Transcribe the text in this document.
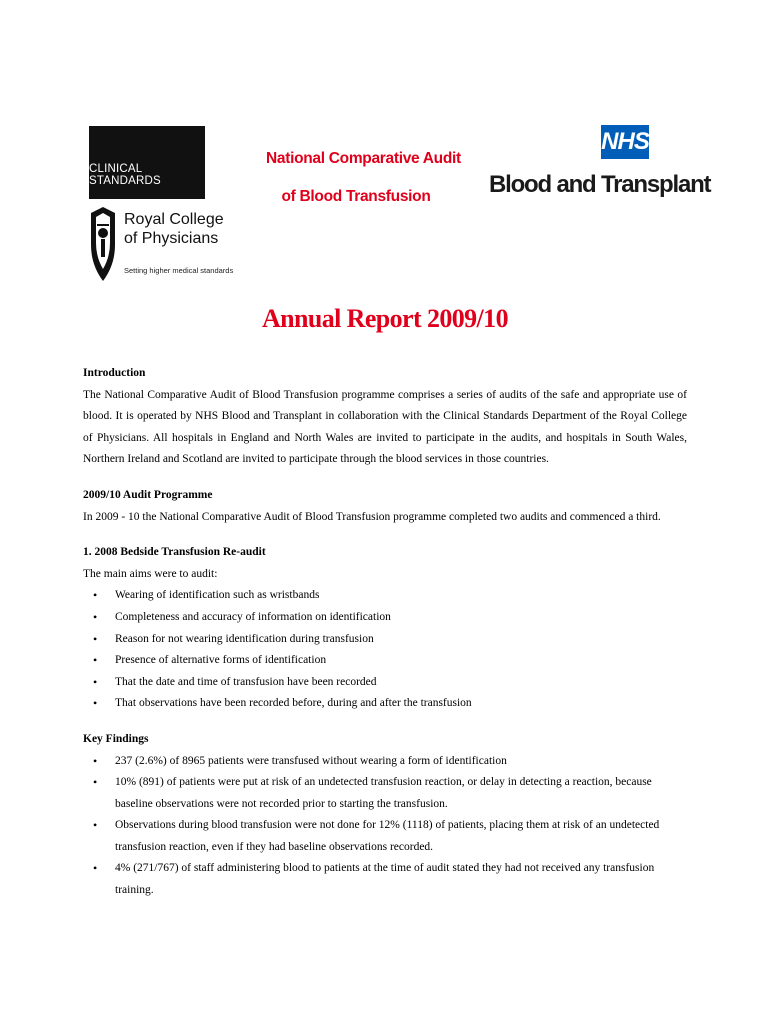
CLINICAL STANDARDS
Royal College
of Physicians
Setting higher medical standards
National Comparative Audit
of Blood Transfusion
NHS
Blood and Transplant
Annual Report 2009/10

Introduction

The National Comparative Audit of Blood Transfusion programme comprises a series of audits of the safe and appropriate use of blood. It is operated by NHS Blood and Transplant in collaboration with the Clinical Standards Department of the Royal College of Physicians. All hospitals in England and North Wales are invited to participate in the audits, and hospitals in South Wales, Northern Ireland and Scotland are invited to participate through the blood services in those countries.

2009/10 Audit Programme

In 2009 - 10 the National Comparative Audit of Blood Transfusion programme completed two audits and commenced a third.

1. 2008 Bedside Transfusion Re-audit

The main aims were to audit:

• Wearing of identification such as wristbands
• Completeness and accuracy of information on identification
• Reason for not wearing identification during transfusion
• Presence of alternative forms of identification
• That the date and time of transfusion have been recorded
• That observations have been recorded before, during and after the transfusion

Key Findings

• 237 (2.6%) of 8965 patients were transfused without wearing a form of identification
• 10% (891) of patients were put at risk of an undetected transfusion reaction, or delay in detecting a reaction, because baseline observations were not recorded prior to starting the transfusion.
• Observations during blood transfusion were not done for 12% (1118) of patients, placing them at risk of an undetected transfusion reaction, even if they had baseline observations recorded.
• 4% (271/767) of staff administering blood to patients at the time of audit stated they had not received any transfusion training.
